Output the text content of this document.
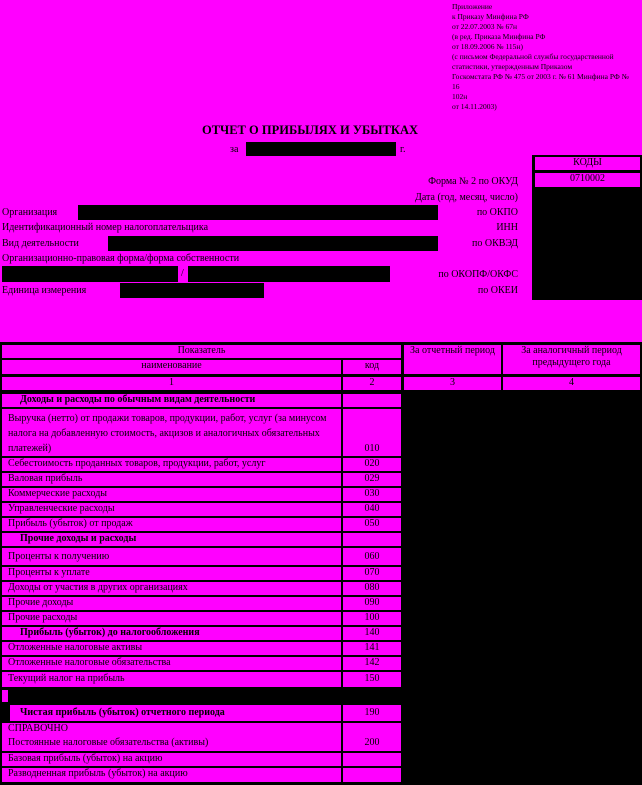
Приложение
к Приказу Минфина РФ
от 22.07.2003 № 67н
(в ред. Приказа Минфина РФ
от 18.09.2006 № 115н)
(с письмом Федеральной службы государственной
статистики, утвержденным Приказом
Госкомстата РФ № 475 от 2003 г. № 61 Минфина РФ № 16
102н
от 14.11.2003)
ОТЧЕТ О ПРИБЫЛЯХ И УБЫТКАХ
за	г.
КОДЫ
0710002
Форма № 2 по ОКУД
Дата (год, месяц, число)
Организация	по ОКПО
Идентификационный номер налогоплательщика	ИНН
Вид деятельности	по ОКВЭД
Организационно-правовая форма/форма собственности
/	по ОКОПФ/ОКФС
Единица измерения	по ОКЕИ
Показатель
наименование	код
За отчетный период	За аналогичный период предыдущего года
1	2	3	4
Доходы и расходы по обычным видам деятельности
Выручка (нетто) от продажи товаров, продукции, работ, услуг (за минусом налога на добавленную стоимость, акцизов и аналогичных обязательных платежей)	010
Себестоимость проданных товаров, продукции, работ, услуг	020
Валовая прибыль	029
Коммерческие расходы	030
Управленческие расходы	040
Прибыль (убыток) от продаж	050
Прочие доходы и расходы
Проценты к получению	060
Проценты к уплате	070
Доходы от участия в других организациях	080
Прочие доходы	090
Прочие расходы	100
Прибыль (убыток) до налогообложения	140
Отложенные налоговые активы	141
Отложенные налоговые обязательства	142
Текущий налог на прибыль	150
Чистая прибыль (убыток) отчетного периода	190
СПРАВОЧНО
Постоянные налоговые обязательства (активы)	200
Базовая прибыль (убыток) на акцию
Разводненная прибыль (убыток) на акцию
